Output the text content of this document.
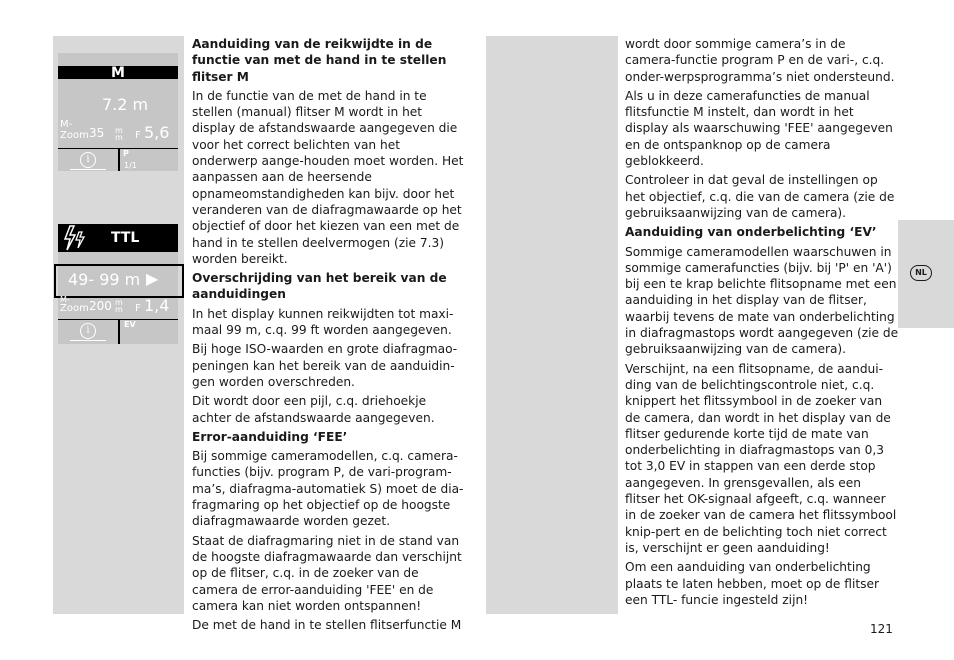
M
7.2 m
M-
Zoom 35 m
m F 5,6
i
P
1/1
TTL
49- 99 m ▶
M-
Zoom 200 m
m F 1,4
i
EV
Aanduiding van de reikwijdte in de functie van met de hand in te stellen flitser M

In de functie van de met de hand in te stellen (manual) flitser M wordt in het display de afstandswaarde aangegeven die voor het correct belichten van het onderwerp aange-houden moet worden. Het aanpassen aan de heersende opnameomstandigheden kan bijv. door het veranderen van de diafragmawaarde op het objectief of door het kiezen van een met de hand in te stellen deelvermogen (zie 7.3) worden bereikt.

Overschrijding van het bereik van de aanduidingen

In het display kunnen reikwijdten tot maxi-maal 99 m, c.q. 99 ft worden aangegeven.

Bij hoge ISO-waarden en grote diafragmao-peningen kan het bereik van de aanduidin-gen worden overschreden.

Dit wordt door een pijl, c.q. driehoekje achter de afstandswaarde aangegeven.

Error-aanduiding ‘FEE’

Bij sommige cameramodellen, c.q. camera-functies (bijv. program P, de vari-program-ma’s, diafragma-automatiek S) moet de dia-fragmaring op het objectief op de hoogste diafragmawaarde worden gezet.

Staat de diafragmaring niet in de stand van de hoogste diafragmawaarde dan verschijnt op de flitser, c.q. in de zoeker van de camera de error-aanduiding 'FEE' en de camera kan niet worden ontspannen!

De met de hand in te stellen flitserfunctie M

wordt door sommige camera’s in de camera-functie program P en de vari-, c.q. onder-werpsprogramma’s niet ondersteund.

Als u in deze camerafuncties de manual flitsfunctie M instelt, dan wordt in het display als waarschuwing 'FEE' aangegeven en de ontspanknop op de camera geblokkeerd.

Controleer in dat geval de instellingen op het objectief, c.q. die van de camera (zie de gebruiksaanwijzing van de camera).

Aanduiding van onderbelichting ‘EV’

Sommige cameramodellen waarschuwen in sommige camerafuncties (bijv. bij 'P' en 'A') bij een te krap belichte flitsopname met een aanduiding in het display van de flitser, waarbij tevens de mate van onderbelichting in diafragmastops wordt aangegeven (zie de gebruiksaanwijzing van de camera).

Verschijnt, na een flitsopname, de aandui-ding van de belichtingscontrole niet, c.q. knippert het flitssymbool in de zoeker van de camera, dan wordt in het display van de flitser gedurende korte tijd de mate van onderbelichting in diafragmastops van 0,3 tot 3,0 EV in stappen van een derde stop aangegeven. In grensgevallen, als een flitser het OK-signaal afgeeft, c.q. wanneer in de zoeker van de camera het flitssymbool knip-pert en de belichting toch niet correct is, verschijnt er geen aanduiding!

Om een aanduiding van onderbelichting plaats te laten hebben, moet op de flitser een TTL- funcie ingesteld zijn!

NL
121
